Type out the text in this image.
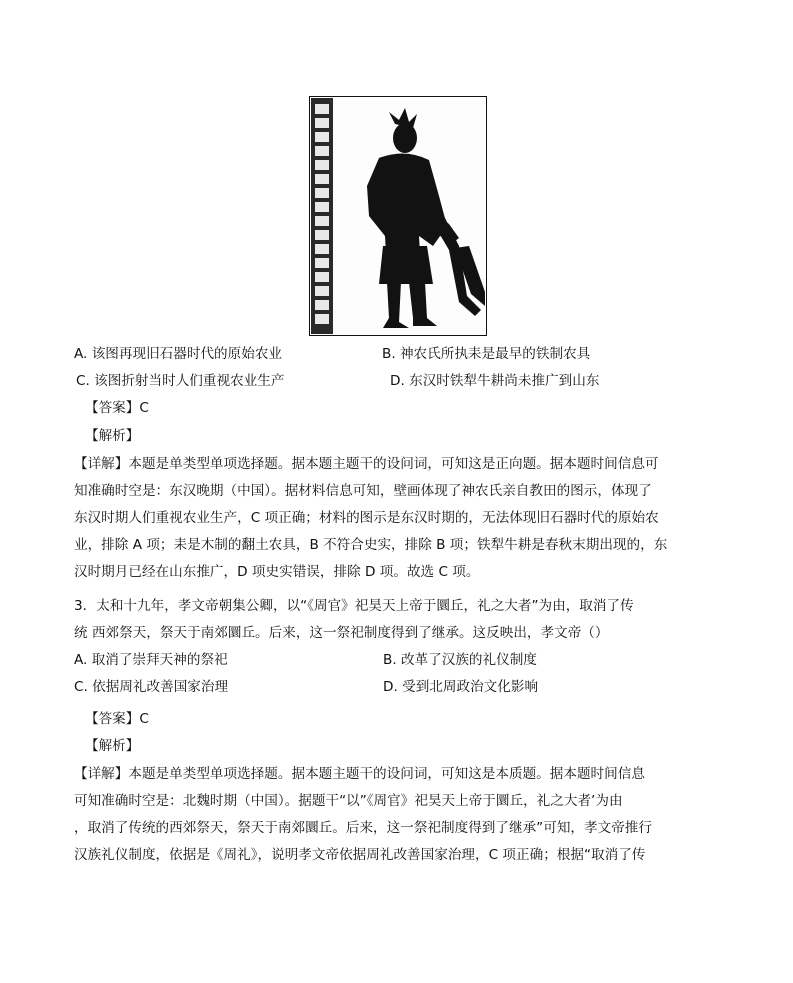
A. 该图再现旧石器时代的原始农业	B. 神农氏所执耒是最早的铁制农具
C. 该图折射当时人们重视农业生产	D. 东汉时铁犁牛耕尚未推广到山东
【答案】C
【解析】
【详解】本题是单类型单项选择题。据本题主题干的设问词，可知这是正向题。据本题时间信息可
知准确时空是：东汉晚期（中国）。据材料信息可知，壁画体现了神农氏亲自教田的图示，体现了
东汉时期人们重视农业生产，C 项正确；材料的图示是东汉时期的，无法体现旧石器时代的原始农
业，排除 A 项；耒是木制的翻土农具，B 不符合史实，排除 B 项；铁犁牛耕是春秋末期出现的，东
汉时期月已经在山东推广，D 项史实错误，排除 D 项。故选 C 项。
3．太和十九年，孝文帝朝集公卿，以“《周官》祀昊天上帝于圜丘，礼之大者”为由，取消了传
统 西郊祭天，祭天于南郊圜丘。后来，这一祭祀制度得到了继承。这反映出，孝文帝（）
A. 取消了崇拜天神的祭祀	B. 改革了汉族的礼仪制度
C. 依据周礼改善国家治理	D. 受到北周政治文化影响
【答案】C
【解析】
【详解】本题是单类型单项选择题。据本题主题干的设问词，可知这是本质题。据本题时间信息
可知准确时空是：北魏时期（中国）。据题干“以”《周官》祀昊天上帝于圜丘，礼之大者’为由
，取消了传统的西郊祭天，祭天于南郊圜丘。后来，这一祭祀制度得到了继承”可知，孝文帝推行
汉族礼仪制度，依据是《周礼》，说明孝文帝依据周礼改善国家治理，C 项正确；根据“取消了传
